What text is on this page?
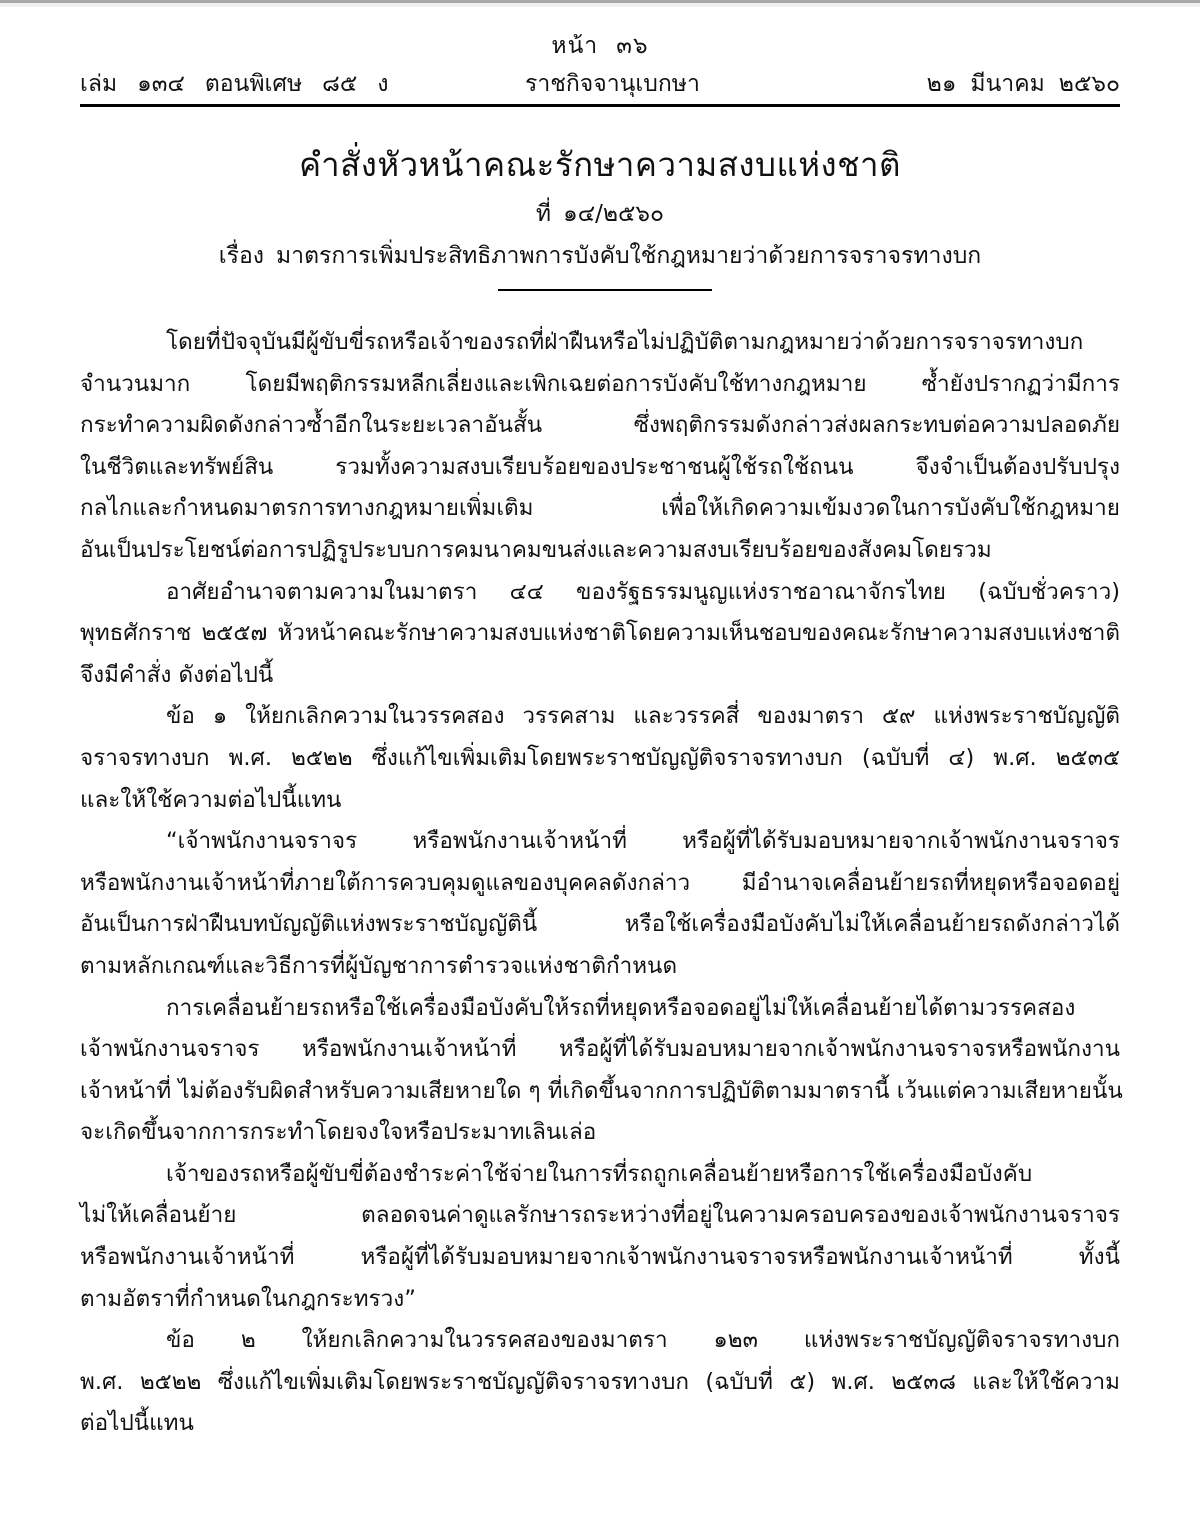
หน้า ๓๖
เล่ม ๑๓๔ ตอนพิเศษ ๘๕ ง	ราชกิจจานุเบกษา	๒๑ มีนาคม ๒๕๖๐
คำสั่งหัวหน้าคณะรักษาความสงบแห่งชาติ
ที่ ๑๔/๒๕๖๐
เรื่อง มาตรการเพิ่มประสิทธิภาพการบังคับใช้กฎหมายว่าด้วยการจราจรทางบก
โดยที่ปัจจุบันมีผู้ขับขี่รถหรือเจ้าของรถที่ฝ่าฝืนหรือไม่ปฏิบัติตามกฎหมายว่าด้วยการจราจรทางบก
จำนวนมาก โดยมีพฤติกรรมหลีกเลี่ยงและเพิกเฉยต่อการบังคับใช้ทางกฎหมาย ซ้ำยังปรากฏว่ามีการ
กระทำความผิดดังกล่าวซ้ำอีกในระยะเวลาอันสั้น ซึ่งพฤติกรรมดังกล่าวส่งผลกระทบต่อความปลอดภัย
ในชีวิตและทรัพย์สิน รวมทั้งความสงบเรียบร้อยของประชาชนผู้ใช้รถใช้ถนน จึงจำเป็นต้องปรับปรุง
กลไกและกำหนดมาตรการทางกฎหมายเพิ่มเติม เพื่อให้เกิดความเข้มงวดในการบังคับใช้กฎหมาย
อันเป็นประโยชน์ต่อการปฏิรูประบบการคมนาคมขนส่งและความสงบเรียบร้อยของสังคมโดยรวม
อาศัยอำนาจตามความในมาตรา ๔๔ ของรัฐธรรมนูญแห่งราชอาณาจักรไทย (ฉบับชั่วคราว)
พุทธศักราช ๒๕๕๗ หัวหน้าคณะรักษาความสงบแห่งชาติโดยความเห็นชอบของคณะรักษาความสงบแห่งชาติ
จึงมีคำสั่ง ดังต่อไปนี้
ข้อ ๑ ให้ยกเลิกความในวรรคสอง วรรคสาม และวรรคสี่ ของมาตรา ๕๙ แห่งพระราชบัญญัติ
จราจรทางบก พ.ศ. ๒๕๒๒ ซึ่งแก้ไขเพิ่มเติมโดยพระราชบัญญัติจราจรทางบก (ฉบับที่ ๔) พ.ศ. ๒๕๓๕
และให้ใช้ความต่อไปนี้แทน
“เจ้าพนักงานจราจร หรือพนักงานเจ้าหน้าที่ หรือผู้ที่ได้รับมอบหมายจากเจ้าพนักงานจราจร
หรือพนักงานเจ้าหน้าที่ภายใต้การควบคุมดูแลของบุคคลดังกล่าว มีอำนาจเคลื่อนย้ายรถที่หยุดหรือจอดอยู่
อันเป็นการฝ่าฝืนบทบัญญัติแห่งพระราชบัญญัตินี้ หรือใช้เครื่องมือบังคับไม่ให้เคลื่อนย้ายรถดังกล่าวได้
ตามหลักเกณฑ์และวิธีการที่ผู้บัญชาการตำรวจแห่งชาติกำหนด
การเคลื่อนย้ายรถหรือใช้เครื่องมือบังคับให้รถที่หยุดหรือจอดอยู่ไม่ให้เคลื่อนย้ายได้ตามวรรคสอง
เจ้าพนักงานจราจร หรือพนักงานเจ้าหน้าที่ หรือผู้ที่ได้รับมอบหมายจากเจ้าพนักงานจราจรหรือพนักงาน
เจ้าหน้าที่ ไม่ต้องรับผิดสำหรับความเสียหายใด ๆ ที่เกิดขึ้นจากการปฏิบัติตามมาตรานี้ เว้นแต่ความเสียหายนั้น
จะเกิดขึ้นจากการกระทำโดยจงใจหรือประมาทเลินเล่อ
เจ้าของรถหรือผู้ขับขี่ต้องชำระค่าใช้จ่ายในการที่รถถูกเคลื่อนย้ายหรือการใช้เครื่องมือบังคับ
ไม่ให้เคลื่อนย้าย ตลอดจนค่าดูแลรักษารถระหว่างที่อยู่ในความครอบครองของเจ้าพนักงานจราจร
หรือพนักงานเจ้าหน้าที่ หรือผู้ที่ได้รับมอบหมายจากเจ้าพนักงานจราจรหรือพนักงานเจ้าหน้าที่ ทั้งนี้
ตามอัตราที่กำหนดในกฎกระทรวง”
ข้อ ๒ ให้ยกเลิกความในวรรคสองของมาตรา ๑๒๓ แห่งพระราชบัญญัติจราจรทางบก
พ.ศ. ๒๕๒๒ ซึ่งแก้ไขเพิ่มเติมโดยพระราชบัญญัติจราจรทางบก (ฉบับที่ ๕) พ.ศ. ๒๕๓๘ และให้ใช้ความ
ต่อไปนี้แทน
